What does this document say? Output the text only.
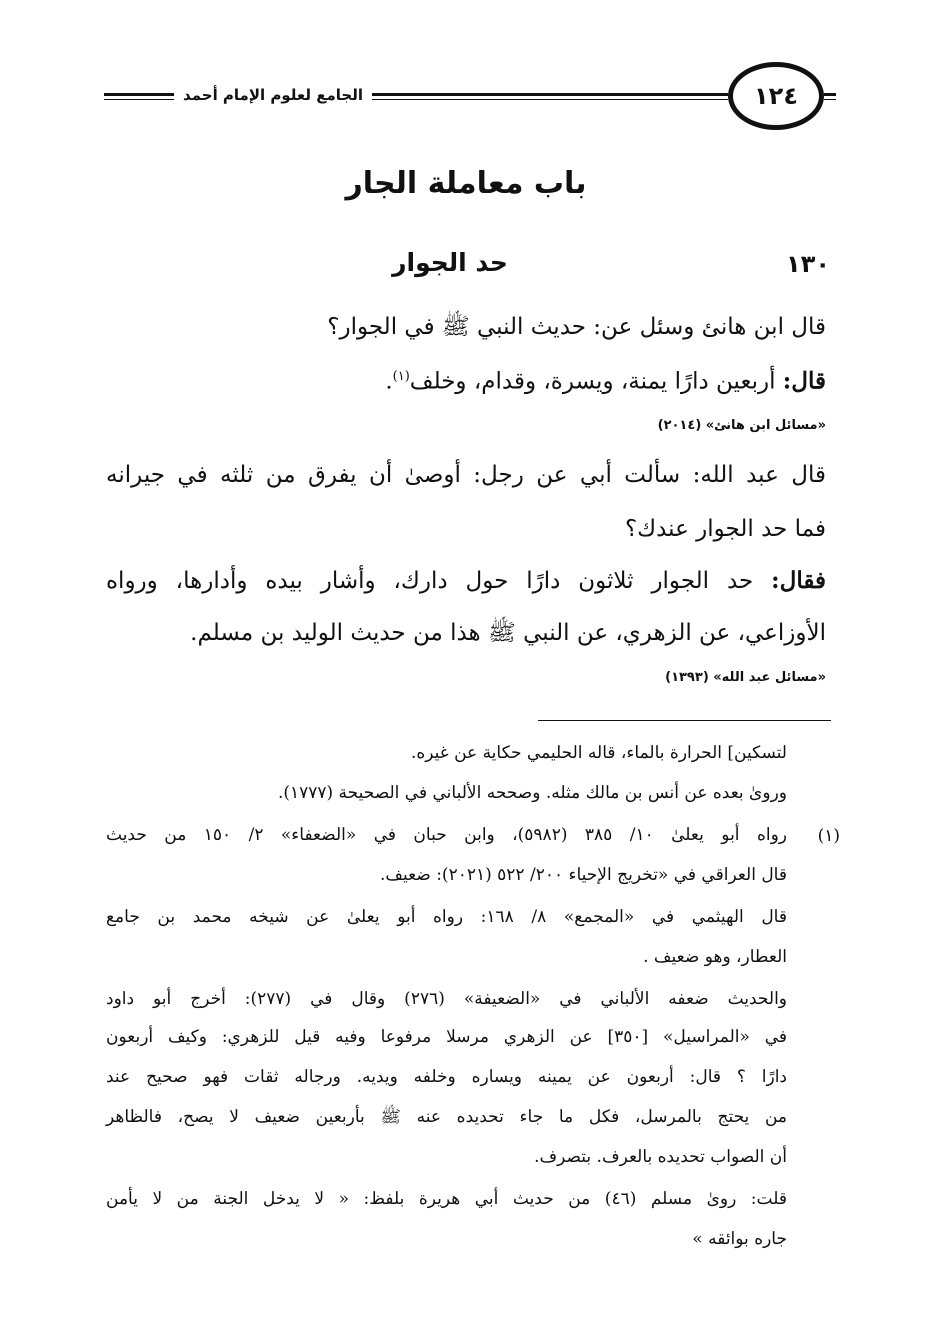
الجامع لعلوم الإمام أحمد	١٢٤
باب معاملة الجار
١٣٠
حد الجوار
قال ابن هانئ وسئل عن: حديث النبي ﷺ في الجوار؟
قال: أربعين دارًا يمنة، ويسرة، وقدام، وخلف$^{(١)}$.
«مسائل ابن هانئ» (٢٠١٤)
قال عبد الله: سألت أبي عن رجل: أوصىٰ أن يفرق من ثلثه في جيرانه
فما حد الجوار عندك؟
فقال: حد الجوار ثلاثون دارًا حول دارك، وأشار بيده وأدارها، ورواه
الأوزاعي، عن الزهري، عن النبي ﷺ هذا من حديث الوليد بن مسلم.
«مسائل عبد الله» (١٣٩٣)
لتسكين] الحرارة بالماء، قاله الحليمي حكاية عن غيره.
وروىٰ بعده عن أنس بن مالك مثله. وصححه الألباني في الصحيحة (١٧٧٧).
(١)
رواه أبو يعلىٰ ١٠/ ٣٨٥ (٥٩٨٢)، وابن حبان في «الضعفاء» ٢/ ١٥٠ من حديث
قال العراقي في «تخريج الإحياء ٢٠٠/ ٥٢٢ (٢٠٢١): ضعيف.
قال الهيثمي في «المجمع» ٨/ ١٦٨: رواه أبو يعلىٰ عن شيخه محمد بن جامع
العطار، وهو ضعيف .
والحديث ضعفه الألباني في «الضعيفة» (٢٧٦) وقال في (٢٧٧): أخرج أبو داود
في «المراسيل» [٣٥٠] عن الزهري مرسلا مرفوعا وفيه قيل للزهري: وكيف أربعون
دارًا ؟ قال: أربعون عن يمينه ويساره وخلفه ويديه. ورجاله ثقات فهو صحيح عند
من يحتج بالمرسل، فكل ما جاء تحديده عنه ﷺ بأربعين ضعيف لا يصح، فالظاهر
أن الصواب تحديده بالعرف. بتصرف.
قلت: روىٰ مسلم (٤٦) من حديث أبي هريرة بلفظ: « لا يدخل الجنة من لا يأمن
جاره بوائقه »
